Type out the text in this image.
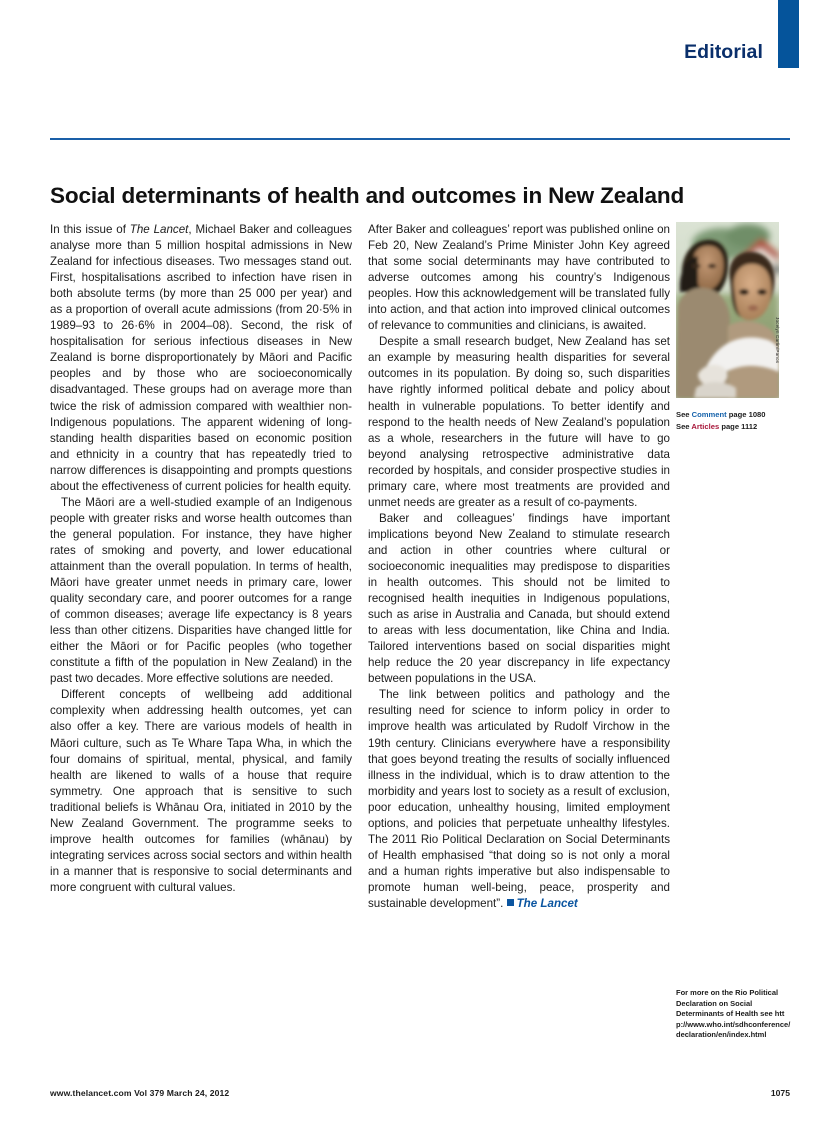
Editorial
Social determinants of health and outcomes in New Zealand

In this issue of The Lancet, Michael Baker and colleagues analyse more than 5 million hospital admissions in New Zealand for infectious diseases. Two messages stand out. First, hospitalisations ascribed to infection have risen in both absolute terms (by more than 25 000 per year) and as a proportion of overall acute admissions (from 20·5% in 1989–93 to 26·6% in 2004–08). Second, the risk of hospitalisation for serious infectious diseases in New Zealand is borne disproportionately by Māori and Pacific peoples and by those who are socioeconomically disadvantaged. These groups had on average more than twice the risk of admission compared with wealthier non-Indigenous populations. The apparent widening of long-standing health disparities based on economic position and ethnicity in a country that has repeatedly tried to narrow differences is disappointing and prompts questions about the effectiveness of current policies for health equity.

The Māori are a well-studied example of an Indigenous people with greater risks and worse health outcomes than the general population. For instance, they have higher rates of smoking and poverty, and lower educational attainment than the overall population. In terms of health, Māori have greater unmet needs in primary care, lower quality secondary care, and poorer outcomes for a range of common diseases; average life expectancy is 8 years less than other citizens. Disparities have changed little for either the Māori or for Pacific peoples (who together constitute a fifth of the population in New Zealand) in the past two decades. More effective solutions are needed.

Different concepts of wellbeing add additional complexity when addressing health outcomes, yet can also offer a key. There are various models of health in Māori culture, such as Te Whare Tapa Wha, in which the four domains of spiritual, mental, physical, and family health are likened to walls of a house that require symmetry. One approach that is sensitive to such traditional beliefs is Whānau Ora, initiated in 2010 by the New Zealand Government. The programme seeks to improve health outcomes for families (whānau) by integrating services across social sectors and within health in a manner that is responsive to social determinants and more congruent with cultural values.

After Baker and colleagues’ report was published online on Feb 20, New Zealand’s Prime Minister John Key agreed that some social determinants may have contributed to adverse outcomes among his country’s Indigenous peoples. How this acknowledgement will be translated fully into action, and that action into improved clinical outcomes of relevance to communities and clinicians, is awaited.

Despite a small research budget, New Zealand has set an example by measuring health disparities for several outcomes in its population. By doing so, such disparities have rightly informed political debate and policy about health in vulnerable populations. To better identify and respond to the health needs of New Zealand’s population as a whole, researchers in the future will have to go beyond analysing retrospective administrative data recorded by hospitals, and consider prospective studies in primary care, where most treatments are provided and unmet needs are greater as a result of co-payments.

Baker and colleagues’ findings have important implications beyond New Zealand to stimulate research and action in other countries where cultural or socioeconomic inequalities may predispose to disparities in health outcomes. This should not be limited to recognised health inequities in Indigenous populations, such as arise in Australia and Canada, but should extend to areas with less documentation, like China and India. Tailored interventions based on social disparities might help reduce the 20 year discrepancy in life expectancy between populations in the USA.

The link between politics and pathology and the resulting need for science to inform policy in order to improve health was articulated by Rudolf Virchow in the 19th century. Clinicians everywhere have a responsibility that goes beyond treating the results of socially influenced illness in the individual, which is to draw attention to the morbidity and years lost to society as a result of exclusion, poor education, unhealthy housing, limited employment options, and policies that perpetuate unhealthy lifestyles. The 2011 Rio Political Declaration on Social Determinants of Health emphasised “that doing so is not only a moral and a human rights imperative but also indispensable to promote human well-being, peace, prosperity and sustainable development”. The Lancet

Jocelyn Carlin/Panos
See Comment page 1080
See Articles page 1112
For more on the Rio Political Declaration on Social Determinants of Health see http://www.who.int/sdhconference/declaration/en/index.html
www.thelancet.com Vol 379 March 24, 2012	1075
